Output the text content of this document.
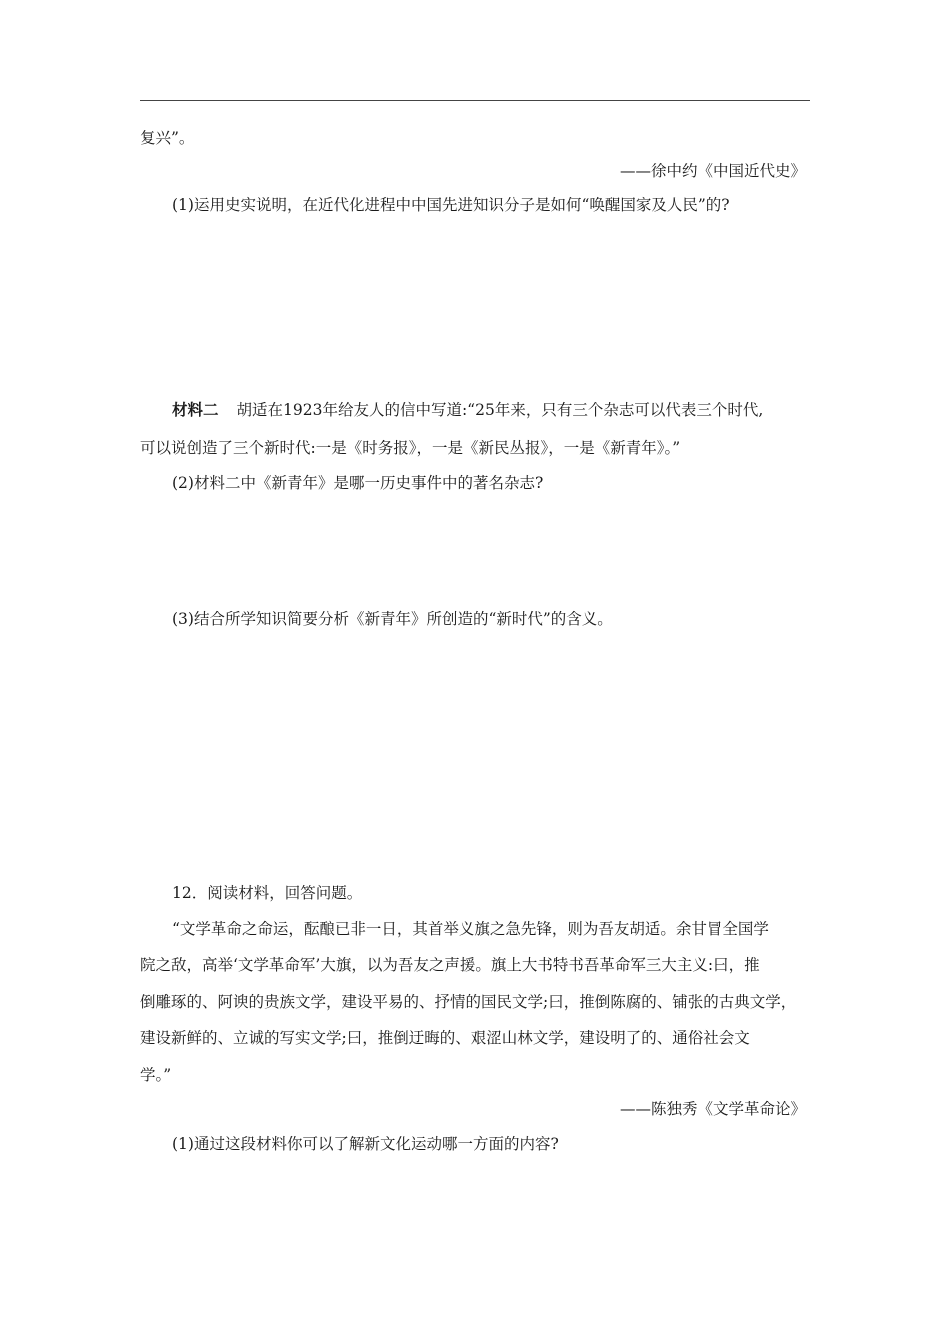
复兴”。
——徐中约《中国近代史》
(1)运用史实说明，在近代化进程中中国先进知识分子是如何“唤醒国家及人民”的?
材料二 胡适在1923年给友人的信中写道:“25年来，只有三个杂志可以代表三个时代,
可以说创造了三个新时代:一是《时务报》，一是《新民丛报》，一是《新青年》。”
(2)材料二中《新青年》是哪一历史事件中的著名杂志?
(3)结合所学知识简要分析《新青年》所创造的“新时代”的含义。
12．阅读材料，回答问题。
“文学革命之命运，酝酿已非一日，其首举义旗之急先锋，则为吾友胡适。余甘冒全国学
院之敌，高举‘文学革命军’大旗，以为吾友之声援。旗上大书特书吾革命军三大主义:曰，推
倒雕琢的、阿谀的贵族文学，建设平易的、抒情的国民文学;曰，推倒陈腐的、铺张的古典文学，
建设新鲜的、立诚的写实文学;曰，推倒迂晦的、艰涩山林文学，建设明了的、通俗社会文
学。”
——陈独秀《文学革命论》
(1)通过这段材料你可以了解新文化运动哪一方面的内容?
